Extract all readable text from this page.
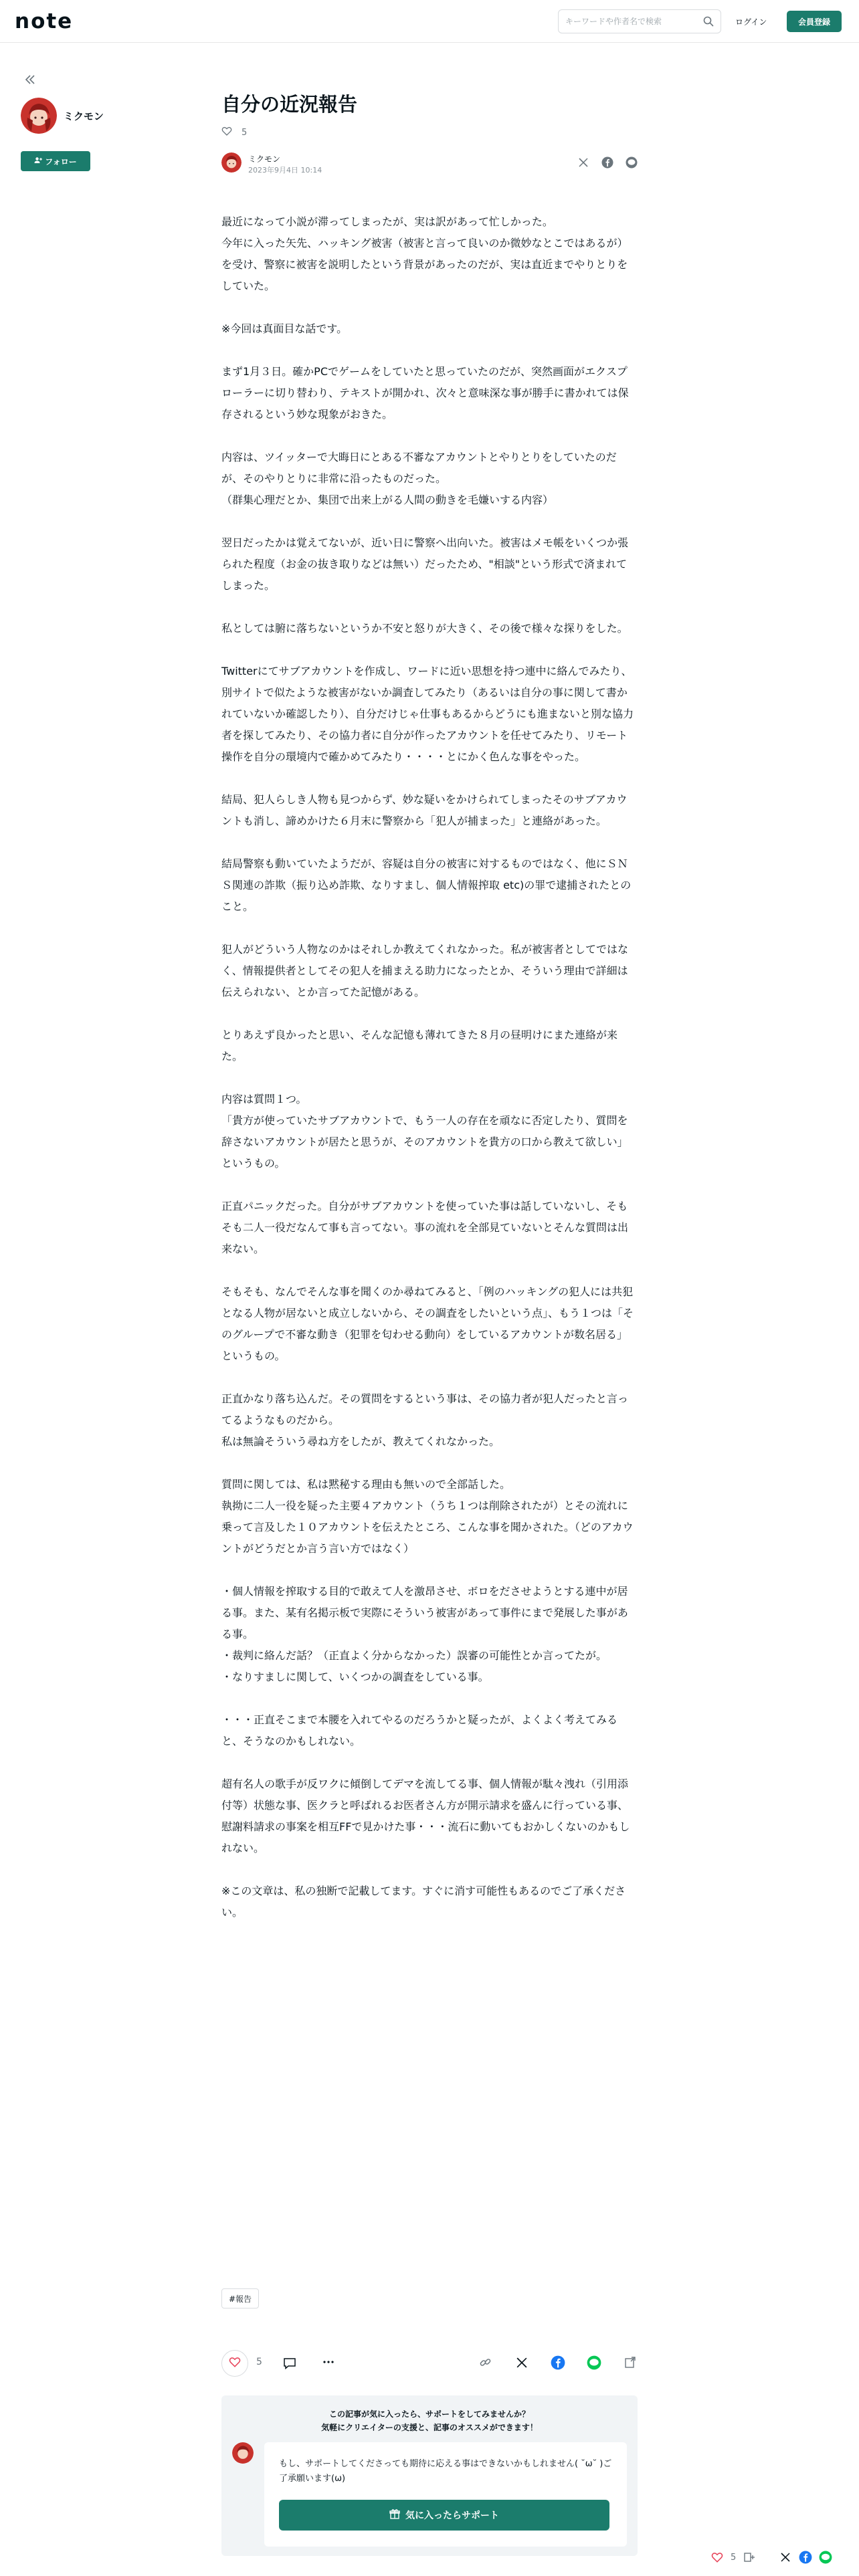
note
キーワードや作者名で検索	ログイン	会員登録
ミクモン
フォロー
自分の近況報告
5
ミクモン
2023年9月4日 10:14

最近になって小説が滞ってしまったが、実は訳があって忙しかった。
今年に入った矢先、ハッキング被害（被害と言って良いのか微妙なとこではあるが）を受け、警察に被害を説明したという背景があったのだが、実は直近までやりとりをしていた。

※今回は真面目な話です。

まず1月３日。確かPCでゲームをしていたと思っていたのだが、突然画面がエクスプローラーに切り替わり、テキストが開かれ、次々と意味深な事が勝手に書かれては保存されるという妙な現象がおきた。

内容は、ツイッターで大晦日にとある不審なアカウントとやりとりをしていたのだが、そのやりとりに非常に沿ったものだった。
（群集心理だとか、集団で出来上がる人間の動きを毛嫌いする内容）

翌日だったかは覚えてないが、近い日に警察へ出向いた。被害はメモ帳をいくつか張られた程度（お金の抜き取りなどは無い）だったため、"相談"という形式で済まれてしまった。

私としては腑に落ちないというか不安と怒りが大きく、その後で様々な探りをした。

Twitterにてサブアカウントを作成し、ワードに近い思想を持つ連中に絡んでみたり、別サイトで似たような被害がないか調査してみたり（あるいは自分の事に関して書かれていないか確認したり）、自分だけじゃ仕事もあるからどうにも進まないと別な協力者を探してみたり、その協力者に自分が作ったアカウントを任せてみたり、リモート操作を自分の環境内で確かめてみたり・・・・とにかく色んな事をやった。

結局、犯人らしき人物も見つからず、妙な疑いをかけられてしまったそのサブアカウントも消し、諦めかけた６月末に警察から「犯人が捕まった」と連絡があった。

結局警察も動いていたようだが、容疑は自分の被害に対するものではなく、他にＳＮＳ関連の詐欺（振り込め詐欺、なりすまし、個人情報搾取 etc)の罪で逮捕されたとのこと。

犯人がどういう人物なのかはそれしか教えてくれなかった。私が被害者としてではなく、情報提供者としてその犯人を捕まえる助力になったとか、そういう理由で詳細は伝えられない、とか言ってた記憶がある。

とりあえず良かったと思い、そんな記憶も薄れてきた８月の昼明けにまた連絡が来た。

内容は質問１つ。
「貴方が使っていたサブアカウントで、もう一人の存在を頑なに否定したり、質問を辞さないアカウントが居たと思うが、そのアカウントを貴方の口から教えて欲しい」というもの。

正直パニックだった。自分がサブアカウントを使っていた事は話していないし、そもそも二人一役だなんて事も言ってない。事の流れを全部見ていないとそんな質問は出来ない。

そもそも、なんでそんな事を聞くのか尋ねてみると、「例のハッキングの犯人には共犯となる人物が居ないと成立しないから、その調査をしたいという点」、もう１つは「そのグループで不審な動き（犯罪を匂わせる動向）をしているアカウントが数名居る」というもの。

正直かなり落ち込んだ。その質問をするという事は、その協力者が犯人だったと言ってるようなものだから。
私は無論そういう尋ね方をしたが、教えてくれなかった。

質問に関しては、私は黙秘する理由も無いので全部話した。
執拗に二人一役を疑った主要４アカウント（うち１つは削除されたが）とその流れに乗って言及した１０アカウントを伝えたところ、こんな事を聞かされた。（どのアカウントがどうだとか言う言い方ではなく）

・個人情報を搾取する目的で敢えて人を激昂させ、ボロをださせようとする連中が居る事。また、某有名掲示板で実際にそういう被害があって事件にまで発展した事がある事。
・裁判に絡んだ話？（正直よく分からなかった）誤審の可能性とか言ってたが。
・なりすましに関して、いくつかの調査をしている事。

・・・正直そこまで本腰を入れてやるのだろうかと疑ったが、よくよく考えてみると、そうなのかもしれない。

超有名人の歌手が反ワクに傾倒してデマを流してる事、個人情報が駄々洩れ（引用添付等）状態な事、医クラと呼ばれるお医者さん方が開示請求を盛んに行っている事、慰謝料請求の事案を相互FFで見かけた事・・・流石に動いてもおかしくないのかもしれない。

※この文章は、私の独断で記載してます。すぐに消す可能性もあるのでご了承ください。

#報告
5
この記事が気に入ったら、サポートをしてみませんか？
気軽にクリエイターの支援と、記事のオススメができます！
もし、サポートしてくださっても期待に応える事はできないかもしれません( ˘ω˘ )ご了承願います(ω)
気に入ったらサポート
5
